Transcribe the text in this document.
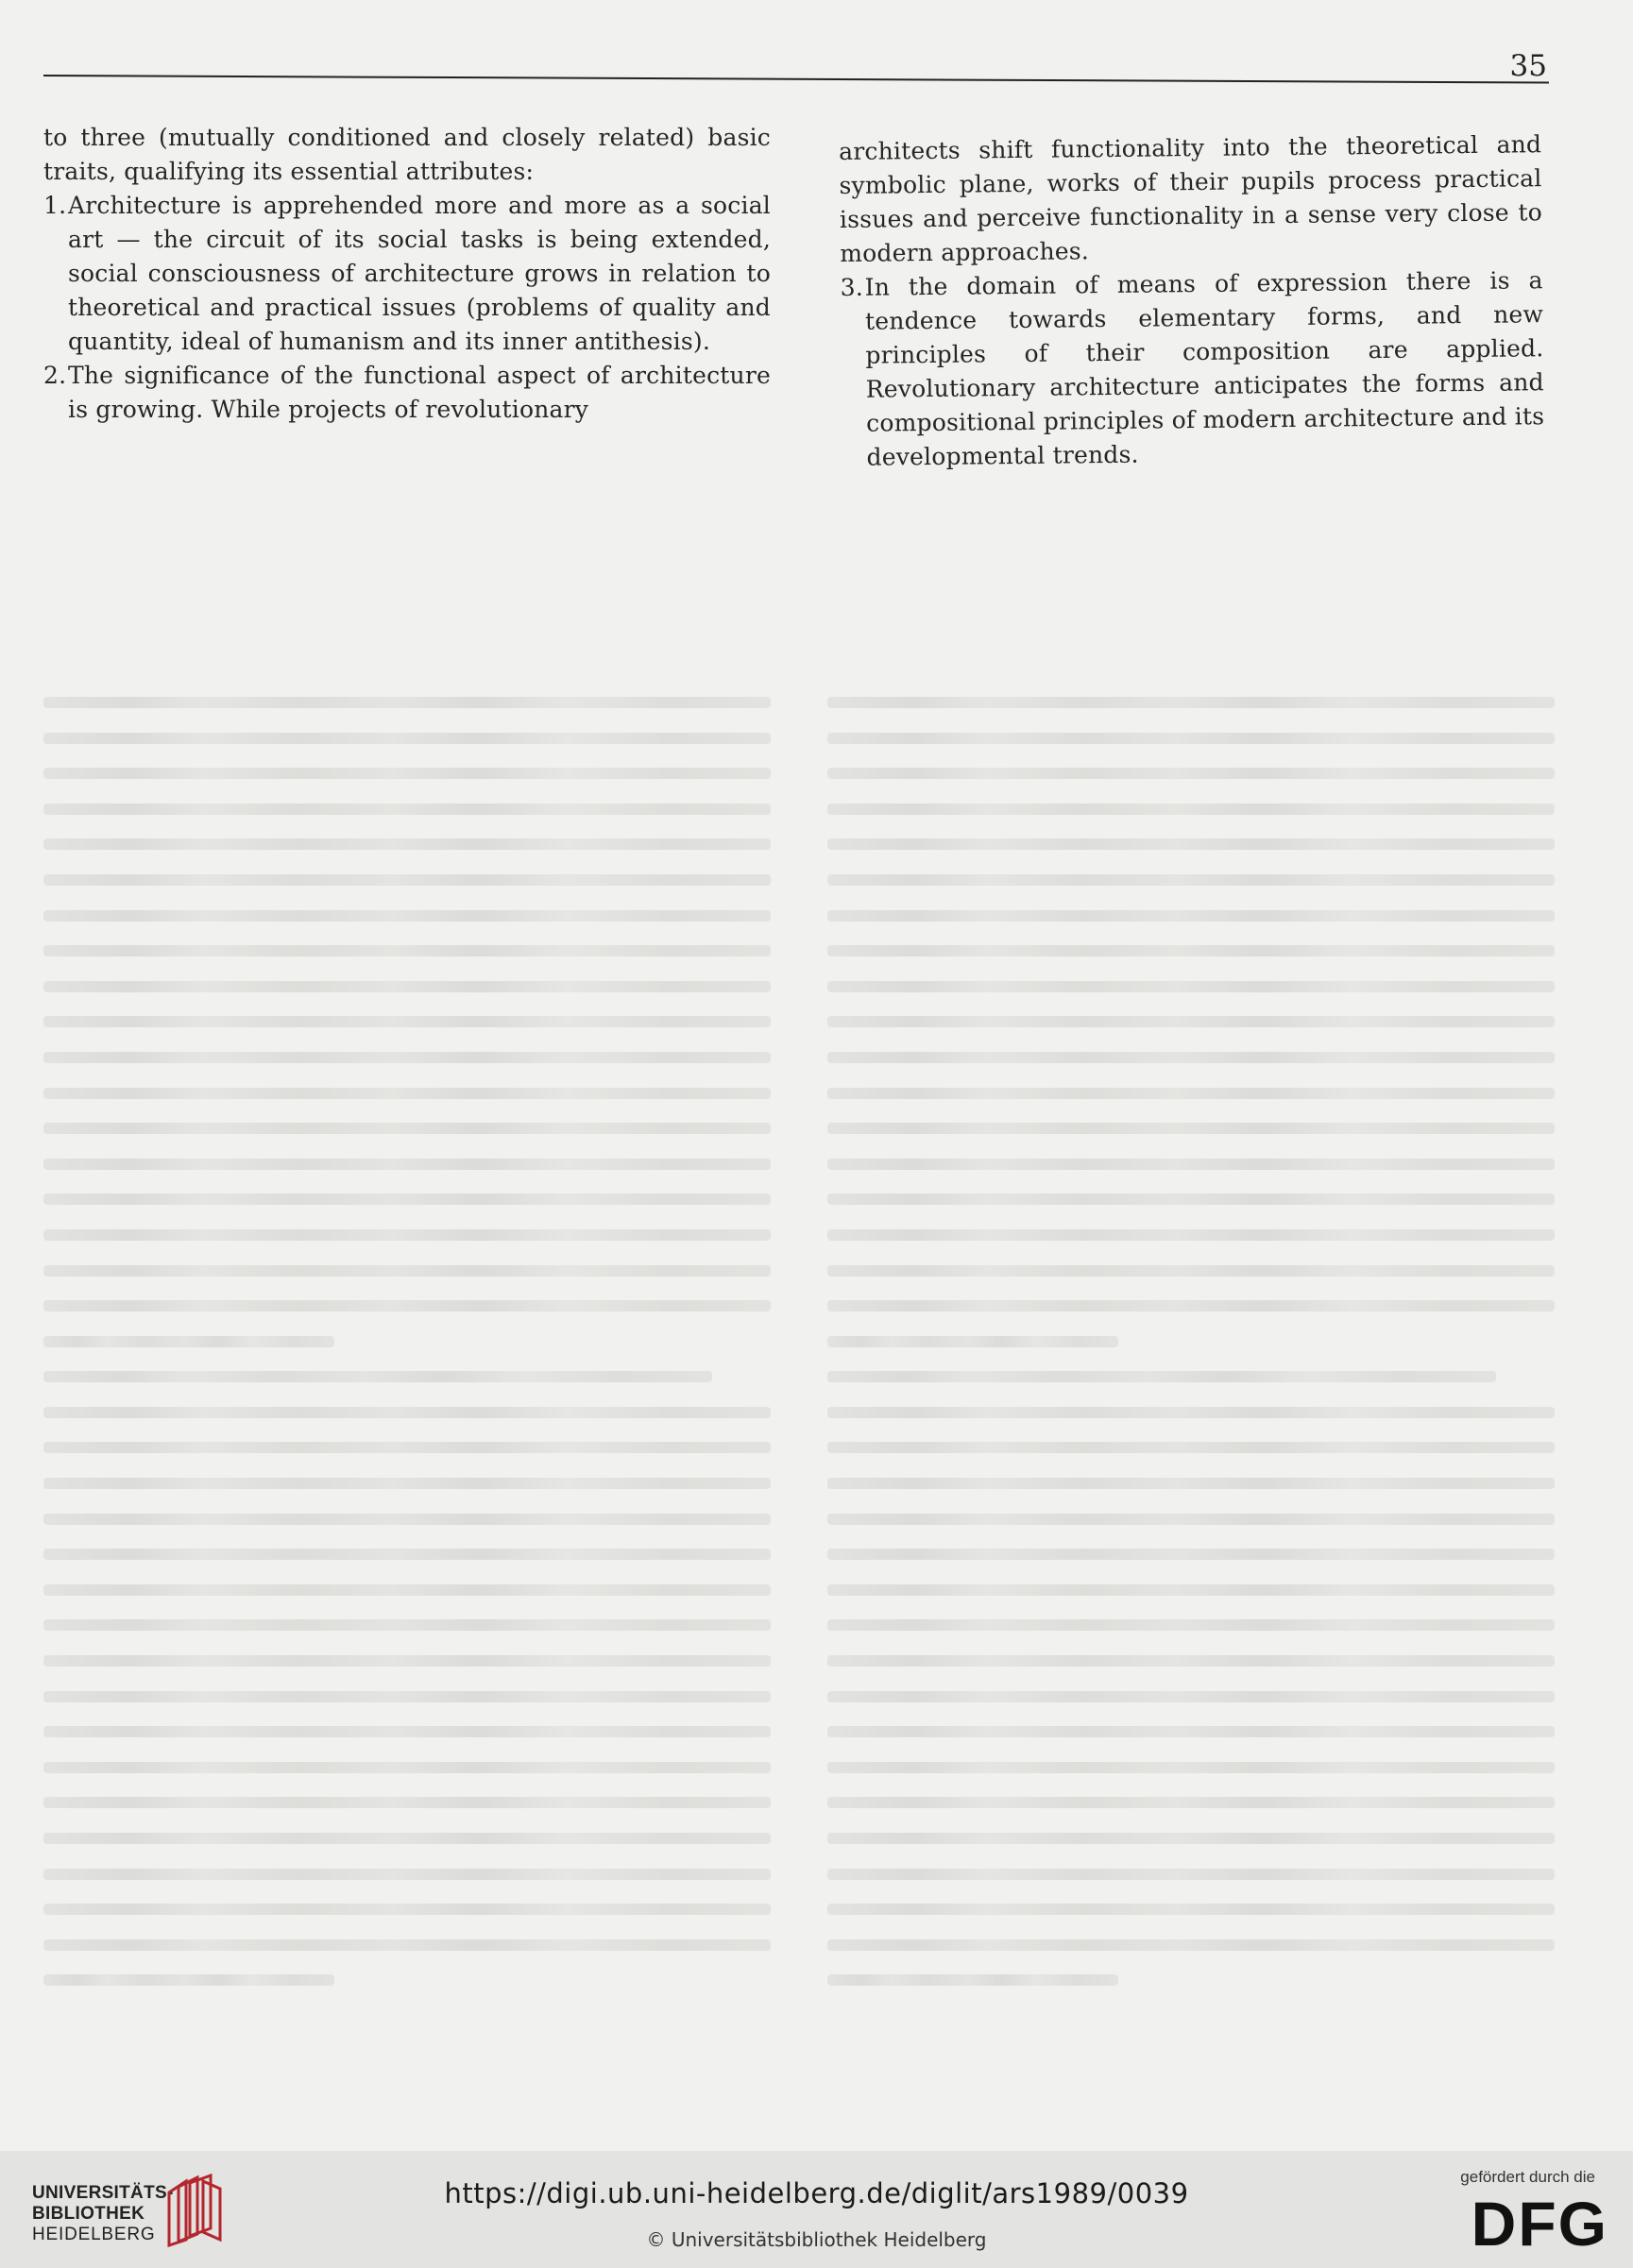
35

to three (mutually conditioned and closely related) basic traits, qualifying its essential attributes:

1. Architecture is apprehended more and more as a social art — the circuit of its social tasks is being extended, social consciousness of architecture grows in relation to theoretical and practical issues (problems of quality and quantity, ideal of humanism and its inner antithesis).
2. The significance of the functional aspect of architecture is growing. While projects of revolutionary

architects shift functionality into the theoretical and symbolic plane, works of their pupils process practical issues and perceive functionality in a sense very close to modern approaches.

3. In the domain of means of expression there is a tendence towards elementary forms, and new principles of their composition are applied. Revolutionary architecture anticipates the forms and compositional principles of modern architecture and its developmental trends.
UNIVERSITÄTS-
BIBLIOTHEK
HEIDELBERG
https://digi.ub.uni-heidelberg.de/diglit/ars1989/0039
© Universitätsbibliothek Heidelberg
gefördert durch die
DFG
